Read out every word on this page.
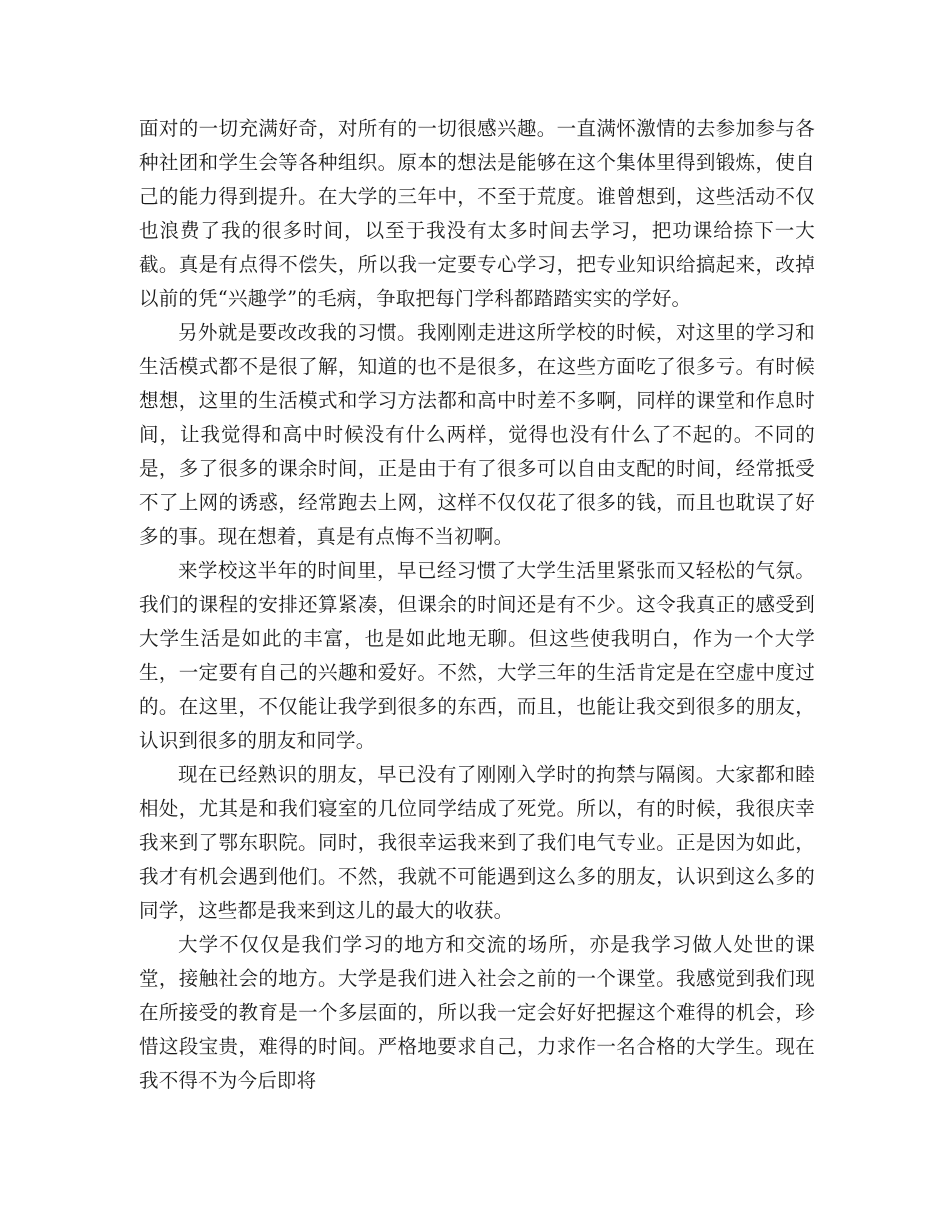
面对的一切充满好奇，对所有的一切很感兴趣。一直满怀激情的去参加参与各种社团和学生会等各种组织。原本的想法是能够在这个集体里得到锻炼，使自己的能力得到提升。在大学的三年中，不至于荒度。谁曾想到，这些活动不仅也浪费了我的很多时间，以至于我没有太多时间去学习，把功课给捺下一大截。真是有点得不偿失，所以我一定要专心学习，把专业知识给搞起来，改掉以前的凭“兴趣学”的毛病，争取把每门学科都踏踏实实的学好。

另外就是要改改我的习惯。我刚刚走进这所学校的时候，对这里的学习和生活模式都不是很了解，知道的也不是很多，在这些方面吃了很多亏。有时候想想，这里的生活模式和学习方法都和高中时差不多啊，同样的课堂和作息时间，让我觉得和高中时候没有什么两样，觉得也没有什么了不起的。不同的是，多了很多的课余时间，正是由于有了很多可以自由支配的时间，经常抵受不了上网的诱惑，经常跑去上网，这样不仅仅花了很多的钱，而且也耽误了好多的事。现在想着，真是有点悔不当初啊。

来学校这半年的时间里，早已经习惯了大学生活里紧张而又轻松的气氛。我们的课程的安排还算紧凑，但课余的时间还是有不少。这令我真正的感受到大学生活是如此的丰富，也是如此地无聊。但这些使我明白，作为一个大学生，一定要有自己的兴趣和爱好。不然，大学三年的生活肯定是在空虚中度过的。在这里，不仅能让我学到很多的东西，而且，也能让我交到很多的朋友，认识到很多的朋友和同学。

现在已经熟识的朋友，早已没有了刚刚入学时的拘禁与隔阂。大家都和睦相处，尤其是和我们寝室的几位同学结成了死党。所以，有的时候，我很庆幸我来到了鄂东职院。同时，我很幸运我来到了我们电气专业。正是因为如此，我才有机会遇到他们。不然，我就不可能遇到这么多的朋友，认识到这么多的同学，这些都是我来到这儿的最大的收获。

大学不仅仅是我们学习的地方和交流的场所，亦是我学习做人处世的课堂，接触社会的地方。大学是我们进入社会之前的一个课堂。我感觉到我们现在所接受的教育是一个多层面的，所以我一定会好好把握这个难得的机会，珍惜这段宝贵，难得的时间。严格地要求自己，力求作一名合格的大学生。现在我不得不为今后即将
